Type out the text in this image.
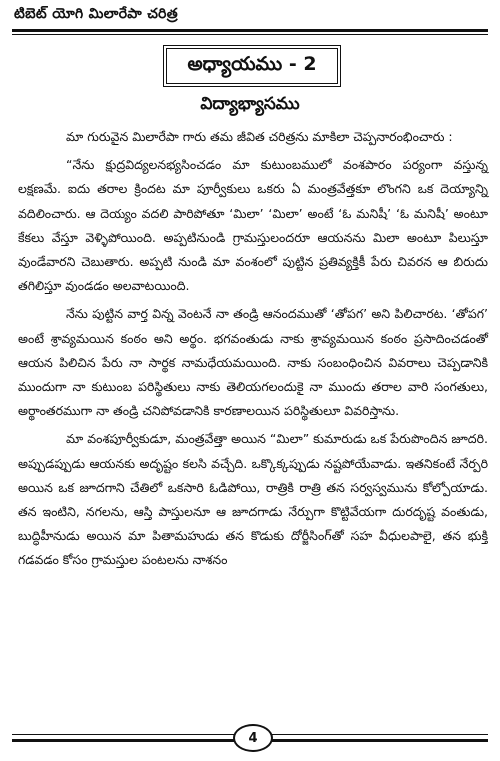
టిబెట్ యోగి మిలారేపా చరిత్ర
అధ్యాయము - 2
విద్యాభ్యాసము

మా గురువైన మిలారేపా గారు తమ జీవిత చరిత్రను మాకిలా చెప్పనారంభించారు :

“నేను క్షుద్రవిద్యలనభ్యసించడం మా కుటుంబములో వంశపారం పర్యంగా వస్తున్న లక్షణమే. ఐదు తరాల క్రిందట మా పూర్వీకులు ఒకరు ఏ మంత్రవేత్తకూ లొంగని ఒక దెయ్యాన్ని వదిలించారు. ఆ దెయ్యం వదలి పారిపోతూ ‘మిలా’ ‘మిలా’ అంటే ‘ఓ మనిషీ’ ‘ఓ మనిషీ’ అంటూ కేకలు వేస్తూ వెళ్ళిపోయింది. అప్పటినుండి గ్రామస్తులందరూ ఆయనను మిలా అంటూ పిలుస్తూ వుండేవారని చెబుతారు. అప్పటి నుండి మా వంశంలో పుట్టిన ప్రతివ్యక్తికీ పేరు చివరన ఆ బిరుదు తగిలిస్తూ వుండడం అలవాటయింది.

నేను పుట్టిన వార్త విన్న వెంటనే నా తండ్రి ఆనందముతో ‘తోపగ’ అని పిలిచారట. ‘తోపగ’ అంటే శ్రావ్యమయిన కంఠం అని అర్థం. భగవంతుడు నాకు శ్రావ్యమయిన కంఠం ప్రసాదించడంతో ఆయన పిలిచిన పేరు నా సార్థక నామధేయమయింది. నాకు సంబంధించిన వివరాలు చెప్పడానికి ముందుగా నా కుటుంబ పరిస్థితులు నాకు తెలియగలందుకై నా ముందు తరాల వారి సంగతులు, అర్థాంతరముగా నా తండ్రి చనిపోవడానికి కారణాలయిన పరిస్థితులూ వివరిస్తాను.

మా వంశపూర్వీకుడూ, మంత్రవేత్తా అయిన “మిలా” కుమారుడు ఒక పేరుపొందిన జూదరి. అప్పుడప్పుడు ఆయనకు అదృష్టం కలసి వచ్చేది. ఒక్కొక్కప్పుడు నష్టపోయేవాడు. ఇతనికంటే నేర్పరి అయిన ఒక జూదగాని చేతిలో ఒకసారి ఓడిపోయి, రాత్రికి రాత్రి తన సర్వస్వమును కోల్పోయాడు. తన ఇంటిని, నగలను, ఆస్తి పాస్తులనూ ఆ జూదగాడు నేర్పుగా కొట్టివేయగా దురదృష్ట వంతుడు, బుద్ధిహీనుడు అయిన మా పితామహుడు తన కొడుకు దోర్జీసింగ్‌తో సహ వీధులపాలై, తన భుక్తి గడవడం కోసం గ్రామస్తుల పంటలను నాశనం

4
